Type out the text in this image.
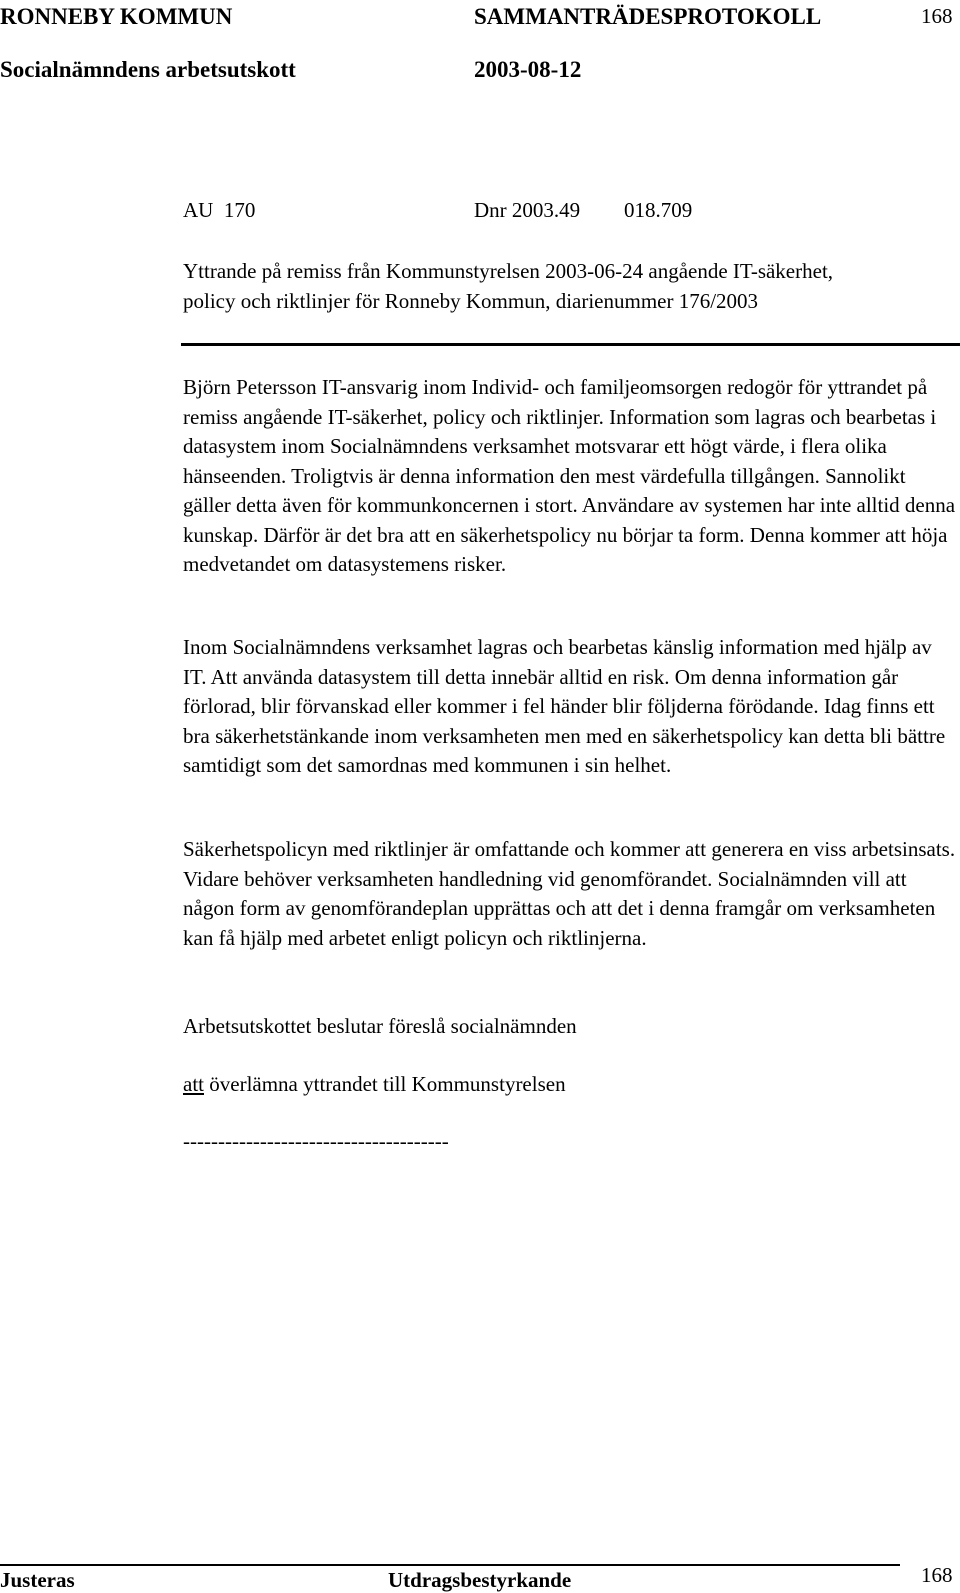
RONNEBY KOMMUN	SAMMANTRÄDESPROTOKOLL	168
Socialnämndens arbetsutskott	2003-08-12
AU  170	Dnr 2003.49 018.709
Yttrande på remiss från Kommunstyrelsen 2003-06-24 angående IT-säkerhet, policy och riktlinjer för Ronneby Kommun, diarienummer 176/2003

Björn Petersson IT-ansvarig inom Individ- och familjeomsorgen redogör för yttrandet på remiss angående IT-säkerhet, policy och riktlinjer. Information som lagras och bearbetas i datasystem inom Socialnämndens verksamhet motsvarar ett högt värde, i flera olika hänseenden. Troligtvis är denna information den mest värdefulla tillgången. Sannolikt gäller detta även för kommunkoncernen i stort. Användare av systemen har inte alltid denna kunskap. Därför är det bra att en säkerhetspolicy nu börjar ta form. Denna kommer att höja medvetandet om datasystemens risker.

Inom Socialnämndens verksamhet lagras och bearbetas känslig information med hjälp av IT. Att använda datasystem till detta innebär alltid en risk. Om denna information går förlorad, blir förvanskad eller kommer i fel händer blir följderna förödande. Idag finns ett bra säkerhetstänkande inom verksamheten men med en säkerhetspolicy kan detta bli bättre samtidigt som det samordnas med kommunen i sin helhet.

Säkerhetspolicyn med riktlinjer är omfattande och kommer att generera en viss arbetsinsats. Vidare behöver verksamheten handledning vid genomförandet. Socialnämnden vill att någon form av genomförandeplan upprättas och att det i denna framgår om verksamheten kan få hjälp med arbetet enligt policyn och riktlinjerna.

Arbetsutskottet beslutar föreslå socialnämnden
att överlämna yttrandet till Kommunstyrelsen
--------------------------------------
Justeras	Utdragsbestyrkande	168
